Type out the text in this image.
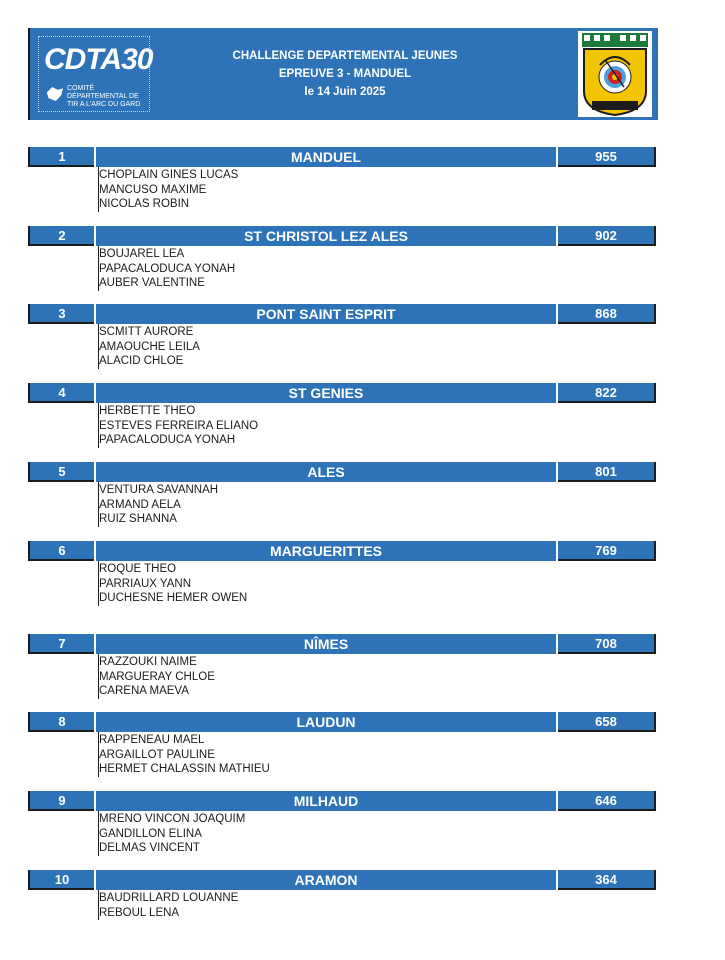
CDTA30
COMITÉ DÉPARTEMENTAL DE TIR A L'ARC DU GARD
CHALLENGE DEPARTEMENTAL JEUNES
EPREUVE 3 - MANDUEL
le 14 Juin 2025
1	MANDUEL	955
CHOPLAIN GINES LUCAS
MANCUSO MAXIME
NICOLAS ROBIN
2	ST CHRISTOL LEZ ALES	902
BOUJAREL LEA
PAPACALODUCA YONAH
AUBER VALENTINE
3	PONT SAINT ESPRIT	868
SCMITT AURORE
AMAOUCHE LEILA
ALACID CHLOE
4	ST GENIES	822
HERBETTE THEO
ESTEVES FERREIRA ELIANO
PAPACALODUCA YONAH
5	ALES	801
VENTURA SAVANNAH
ARMAND AELA
RUIZ SHANNA
6	MARGUERITTES	769
ROQUE THEO
PARRIAUX YANN
DUCHESNE HEMER OWEN
7	NÎMES	708
RAZZOUKI NAIME
MARGUERAY CHLOE
CARENA MAEVA
8	LAUDUN	658
RAPPENEAU MAEL
ARGAILLOT PAULINE
HERMET CHALASSIN MATHIEU
9	MILHAUD	646
MRENO VINCON JOAQUIM
GANDILLON ELINA
DELMAS VINCENT
10	ARAMON	364
BAUDRILLARD LOUANNE
REBOUL LENA
